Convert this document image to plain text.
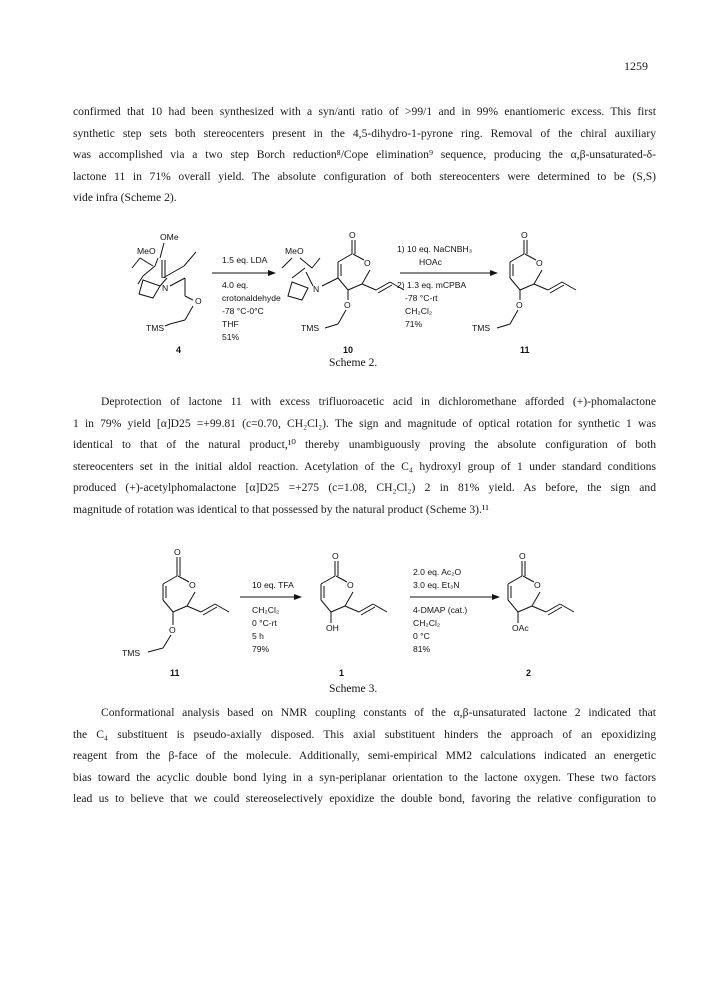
1259
confirmed that 10 had been synthesized with a syn/anti ratio of >99/1 and in 99% enantiomeric excess. This first
synthetic step sets both stereocenters present in the 4,5-dihydro-1-pyrone ring. Removal of the chiral auxiliary
was accomplished via a two step Borch reduction⁸/Cope elimination⁹ sequence, producing the α,β-unsaturated-δ-
lactone 11 in 71% overall yield. The absolute configuration of both stereocenters were determined to be (S,S)
vide infra (Scheme 2).
OMe
MeO
N
O
TMS
4
1.5 eq. LDA
4.0 eq.
crotonaldehyde
-78 °C-0°C
THF
51%
MeO
N
O
O
O
TMS
10
1) 10 eq. NaCNBH₃
HOAc
2) 1.3 eq. mCPBA
-78 °C-rt
CH₂Cl₂
71%
O
O
O
TMS
11
Scheme 2.
Deprotection of lactone 11 with excess trifluoroacetic acid in dichloromethane afforded (+)-phomalactone
1 in 79% yield [α]D25 =+99.81 (c=0.70, CH₂Cl₂). The sign and magnitude of optical rotation for synthetic 1 was
identical to that of the natural product,¹⁰ thereby unambiguously proving the absolute configuration of both
stereocenters set in the initial aldol reaction. Acetylation of the C₄ hydroxyl group of 1 under standard conditions
produced (+)-acetylphomalactone [α]D25 =+275 (c=1.08, CH₂Cl₂) 2 in 81% yield. As before, the sign and
magnitude of rotation was identical to that possessed by the natural product (Scheme 3).¹¹
O
O
O
TMS
11
10 eq. TFA
CH₂Cl₂
0 °C-rt
5 h
79%
O
O
OH
1
2.0 eq. Ac₂O
3.0 eq. Et₃N
4-DMAP (cat.)
CH₂Cl₂
0 °C
81%
O
O
OAc
2
Scheme 3.
Conformational analysis based on NMR coupling constants of the α,β-unsaturated lactone 2 indicated that
the C₄ substituent is pseudo-axially disposed. This axial substituent hinders the approach of an epoxidizing
reagent from the β-face of the molecule. Additionally, semi-empirical MM2 calculations indicated an energetic
bias toward the acyclic double bond lying in a syn-periplanar orientation to the lactone oxygen. These two factors
lead us to believe that we could stereoselectively epoxidize the double bond, favoring the relative configuration to
